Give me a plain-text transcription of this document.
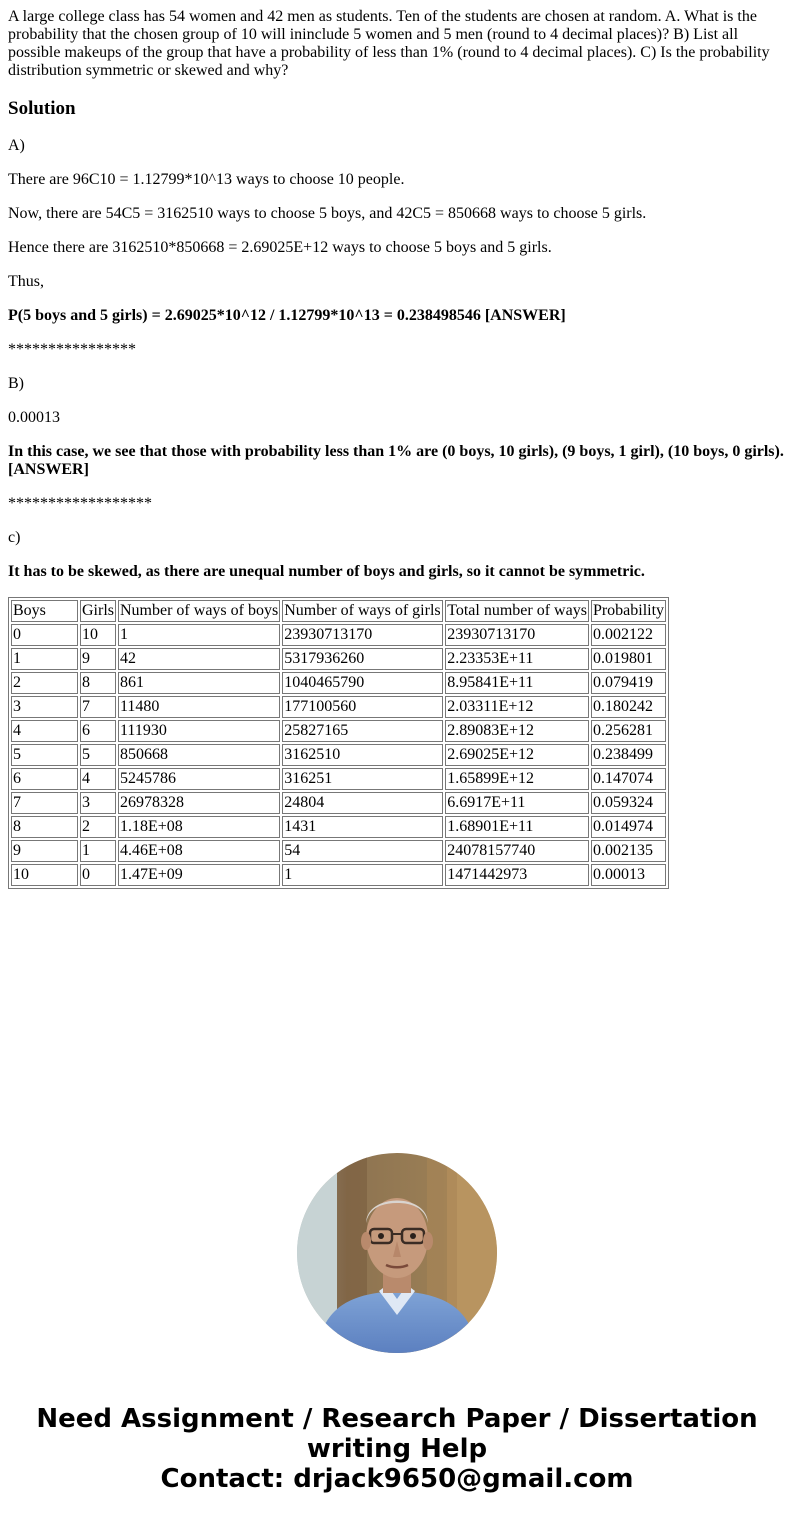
A large college class has 54 women and 42 men as students. Ten of the students are chosen at random. A. What is the probability that the chosen group of 10 will ininclude 5 women and 5 men (round to 4 decimal places)? B) List all possible makeups of the group that have a probability of less than 1% (round to 4 decimal places). C) Is the probability distribution symmetric or skewed and why?

Solution

A)

There are 96C10 = 1.12799*10^13 ways to choose 10 people.

Now, there are 54C5 = 3162510 ways to choose 5 boys, and 42C5 = 850668 ways to choose 5 girls.

Hence there are 3162510*850668 = 2.69025E+12 ways to choose 5 boys and 5 girls.

Thus,

P(5 boys and 5 girls) = 2.69025*10^12 / 1.12799*10^13 = 0.238498546 [ANSWER]

****************

B)

0.00013

In this case, we see that those with probability less than 1% are (0 boys, 10 girls), (9 boys, 1 girl), (10 boys, 0 girls). [ANSWER]

******************

c)

It has to be skewed, as there are unequal number of boys and girls, so it cannot be symmetric.

Boys	Girls	Number of ways of boys	Number of ways of girls	Total number of ways	Probability
0	10	1	23930713170	23930713170	0.002122
1	9	42	5317936260	2.23353E+11	0.019801
2	8	861	1040465790	8.95841E+11	0.079419
3	7	11480	177100560	2.03311E+12	0.180242
4	6	111930	25827165	2.89083E+12	0.256281
5	5	850668	3162510	2.69025E+12	0.238499
6	4	5245786	316251	1.65899E+12	0.147074
7	3	26978328	24804	6.6917E+11	0.059324
8	2	1.18E+08	1431	1.68901E+11	0.014974
9	1	4.46E+08	54	24078157740	0.002135
10	0	1.47E+09	1	1471442973	0.00013
Need Assignment / Research Paper / Dissertation
writing Help
Contact: drjack9650@gmail.com
